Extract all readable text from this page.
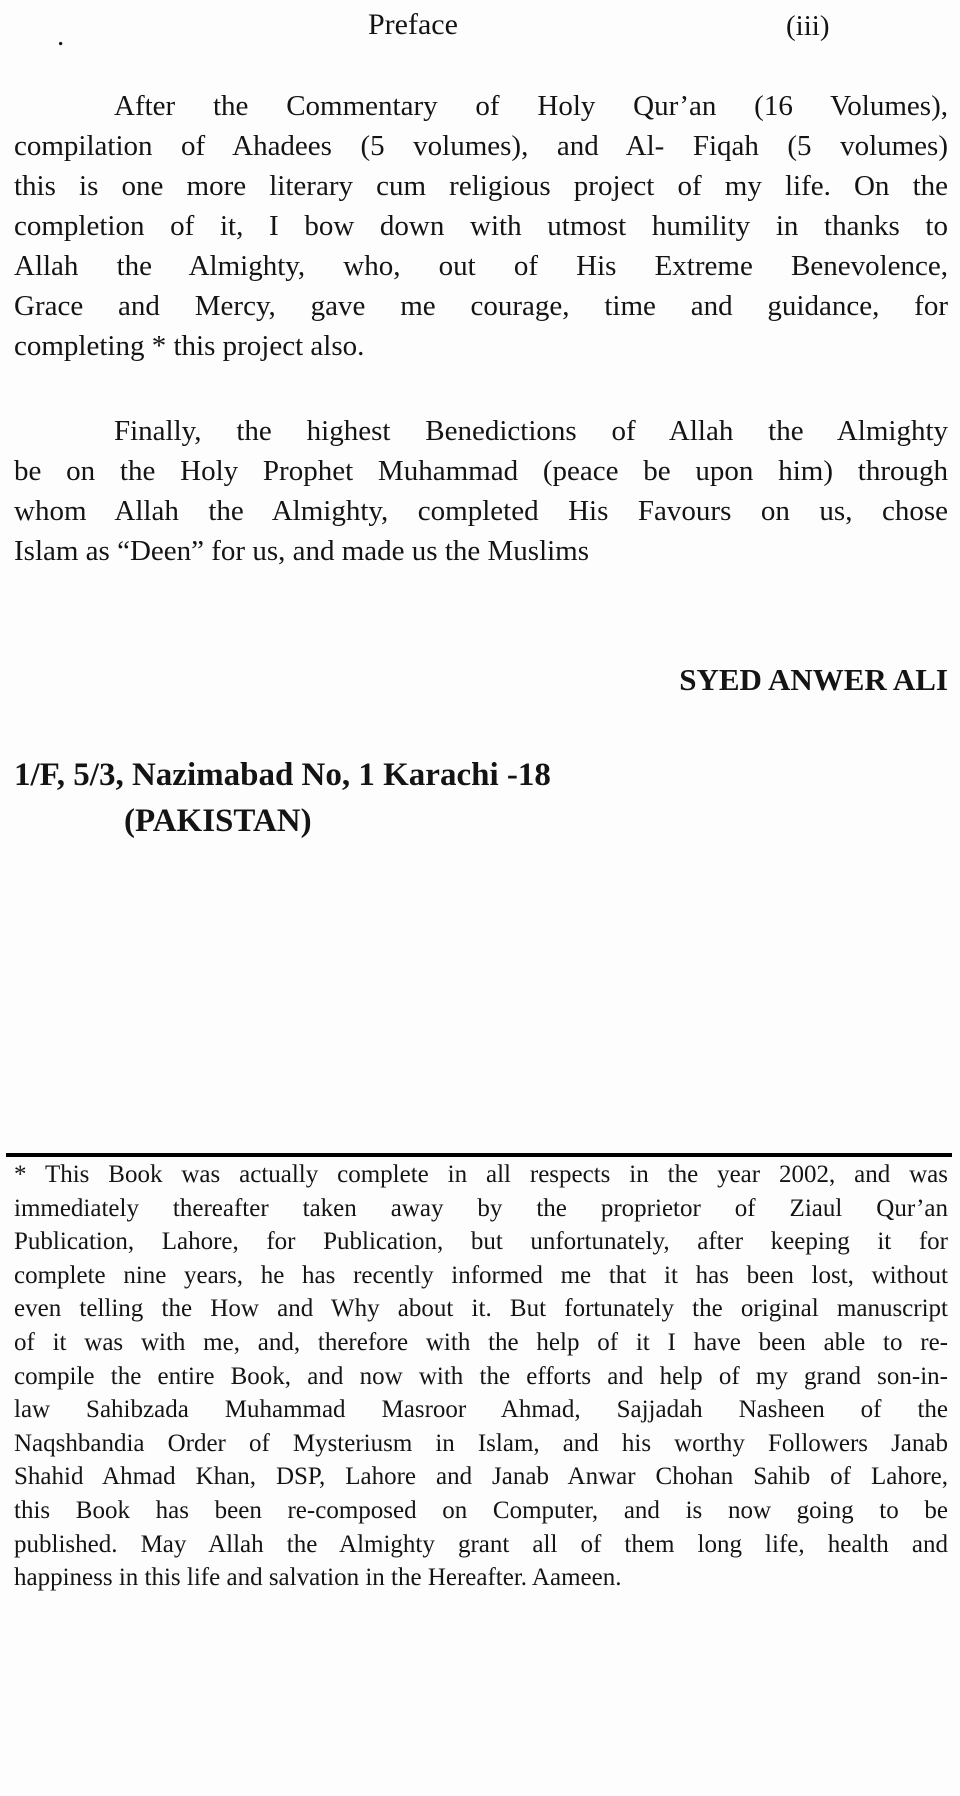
.	Preface	(iii)
After the Commentary of Holy Qur’an (16 Volumes),
compilation of Ahadees (5 volumes), and Al- Fiqah (5 volumes)
this is one more literary cum religious project of my life. On the
completion of it, I bow down with utmost humility in thanks to
Allah the Almighty, who, out of His Extreme Benevolence,
Grace and Mercy, gave me courage, time and guidance, for
completing * this project also.
Finally, the highest Benedictions of Allah the Almighty
be on the Holy Prophet Muhammad (peace be upon him) through
whom Allah the Almighty, completed His Favours on us, chose
Islam as “Deen” for us, and made us the Muslims
SYED ANWER ALI
1/F, 5/3, Nazimabad No, 1 Karachi -18
(PAKISTAN)
* This Book was actually complete in all respects in the year 2002, and was
immediately thereafter taken away by the proprietor of Ziaul Qur’an
Publication, Lahore, for Publication, but unfortunately, after keeping it for
complete nine years, he has recently informed me that it has been lost, without
even telling the How and Why about it. But fortunately the original manuscript
of it was with me, and, therefore with the help of it I have been able to re-
compile the entire Book, and now with the efforts and help of my grand son-in-
law Sahibzada Muhammad Masroor Ahmad, Sajjadah Nasheen of the
Naqshbandia Order of Mysteriusm in Islam, and his worthy Followers Janab
Shahid Ahmad Khan, DSP, Lahore and Janab Anwar Chohan Sahib of Lahore,
this Book has been re-composed on Computer, and is now going to be
published. May Allah the Almighty grant all of them long life, health and
happiness in this life and salvation in the Hereafter. Aameen.
